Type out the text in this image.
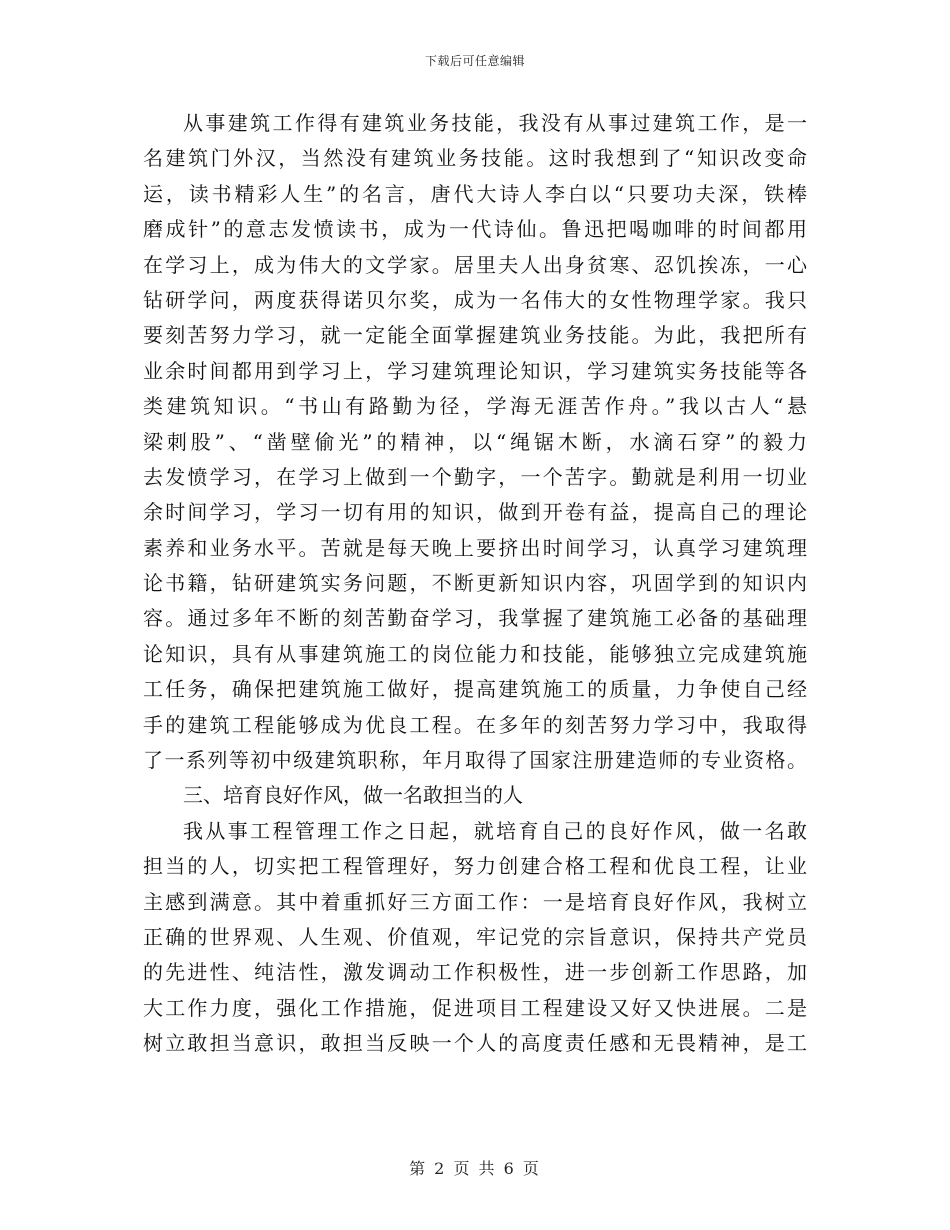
下载后可任意编辑
从事建筑工作得有建筑业务技能，我没有从事过建筑工作，是一
名建筑门外汉，当然没有建筑业务技能。这时我想到了“知识改变命
运，读书精彩人生”的名言，唐代大诗人李白以“只要功夫深，铁棒
磨成针”的意志发愤读书，成为一代诗仙。鲁迅把喝咖啡的时间都用
在学习上，成为伟大的文学家。居里夫人出身贫寒、忍饥挨冻，一心
钻研学问，两度获得诺贝尔奖，成为一名伟大的女性物理学家。我只
要刻苦努力学习，就一定能全面掌握建筑业务技能。为此，我把所有
业余时间都用到学习上，学习建筑理论知识，学习建筑实务技能等各
类建筑知识。“书山有路勤为径，学海无涯苦作舟。”我以古人“悬
梁刺股”、“凿壁偷光”的精神，以“绳锯木断，水滴石穿”的毅力
去发愤学习，在学习上做到一个勤字，一个苦字。勤就是利用一切业
余时间学习，学习一切有用的知识，做到开卷有益，提高自己的理论
素养和业务水平。苦就是每天晚上要挤出时间学习，认真学习建筑理
论书籍，钻研建筑实务问题，不断更新知识内容，巩固学到的知识内
容。通过多年不断的刻苦勤奋学习，我掌握了建筑施工必备的基础理
论知识，具有从事建筑施工的岗位能力和技能，能够独立完成建筑施
工任务，确保把建筑施工做好，提高建筑施工的质量，力争使自己经
手的建筑工程能够成为优良工程。在多年的刻苦努力学习中，我取得
了一系列等初中级建筑职称，年月取得了国家注册建造师的专业资格。
三、培育良好作风，做一名敢担当的人
我从事工程管理工作之日起，就培育自己的良好作风，做一名敢
担当的人，切实把工程管理好，努力创建合格工程和优良工程，让业
主感到满意。其中着重抓好三方面工作：一是培育良好作风，我树立
正确的世界观、人生观、价值观，牢记党的宗旨意识，保持共产党员
的先进性、纯洁性，激发调动工作积极性，进一步创新工作思路，加
大工作力度，强化工作措施，促进项目工程建设又好又快进展。二是
树立敢担当意识，敢担当反映一个人的高度责任感和无畏精神，是工
第 2 页 共 6 页
